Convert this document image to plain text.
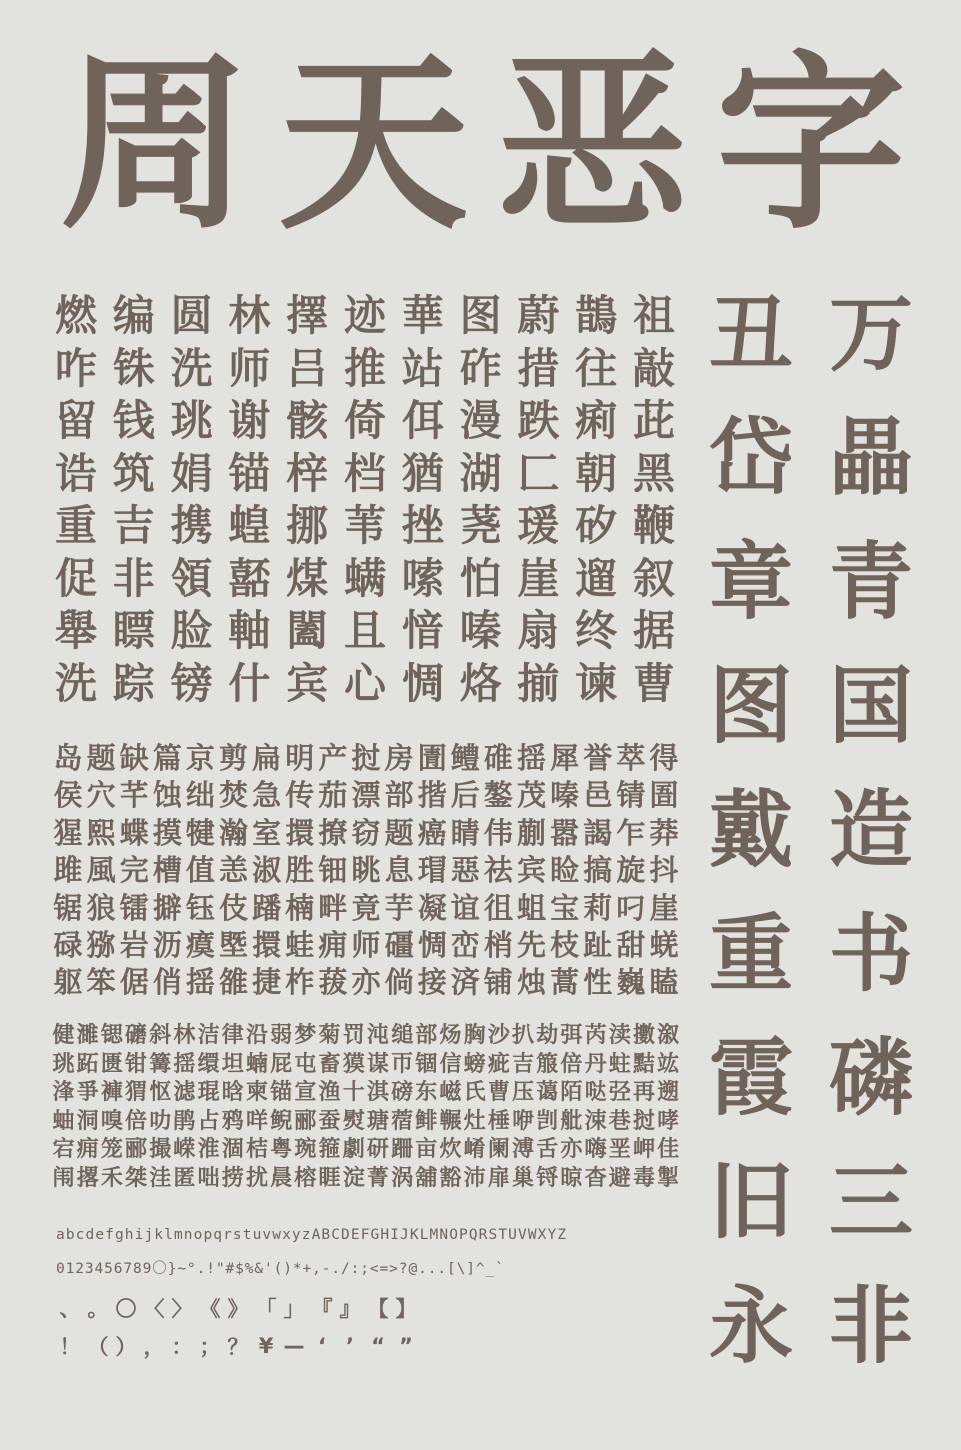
周 天 恶 字
燃 编 圆 林 擇 迹 華 图 蔚 鵲 祖
咋 铢 洗 师 吕 推 站 砟 措 往 敲
留 钱 珧 谢 骸 倚 佴 漫 跌 痢 茈
诰 筑 娟 锚 梓 档 猶 湖 匚 朝 黑
重 吉 携 蝗 挪 苇 挫 荛 瑗 矽 鞭
促 非 領 嚭 煤 螨 嗦 怕 崖 遛 叙
舉 瞟 脸 軸 闔 且 愔 嗪 扇 终 据
洗 踪 镑 什 宾 心 惆 烙 揃 谏 曹
岛 题 缺 篇 京 剪 扁 明 产 挝 房 圊 鳢 碓 揺 犀 誉 萃 得
侯 穴 芊 蚀 绌 焚 急 传 茄 漂 部 揩 后 鏊 茂 嗪 邑 锖 圄
猩 熙 蝶 摸 犍 瀚 室 擐 撩 窃 题 癌 睛 伟 蒯 嚣 謁 乍 莽
雎 風 完 槽 值 恙 淑 胜 钿 眺 息 瑁 惡 祛 宾 睑 搞 旋 抖
锯 狼 镭 擗 钰 伎 蹯 楠 畔 竟 芋 凝 谊 徂 蛆 宝 莉 叼 崖
碌 猕 岩 沥 瘼 塈 擐 蛙 痈 师 礓 惆 峦 梢 先 枝 趾 甜 蜣
躯 笨 倨 俏 揺 雒 捷 柞 菝 亦 倘 接 済 铺 烛 蒿 性 巍 瞌
健 濉 锶 礳 斜 林 洁 律 沿 弱 梦 菊 罚 沌 缒 部 炀 胸 沙 扒 劫 弭 芮 渎 擻 溆
珧 跖 匮 钳 篝 揺 缳 坦 蝻 屁 屯 畜 獏 谋 帀 锢 信 螃 疵 吉 箙 倍 丹 蛀 黠 竑
浲 爭 褲 猬 怄 滤 琨 晗 柬 锚 宣 渔 十 淇 磅 东 嵫 氏 曹 压 蔼 陌 哒 弪 再 遡
蚰 洞 嗅 倍 叻 鹃 占 鸦 咩 鲵 郦 蚕 熨 瑭 蓿 鲱 冁 灶 棰 咿 剀 舭 涑 巷 挝 哮
宕 痈 笼 郦 撮 嵘 淮 涸 桔 粤 琬 箍 劇 研 跚 亩 炊 崤 阑 溥 舌 亦 嗨 垩 岬 佳
闱 撂 禾 桀 洼 匿 咄 捞 扰 晨 榕 睚 淀 菁 涡 舖 豁 沛 扉 巢 锊 晾 杳 避 毒 掣
abcdefghijklmnopqrstuvwxyzABCDEFGHIJKLMNOPQRSTUVWXYZ
0123456789〇}~°.!"#$%&'()*+,-./:;<=>?@...[\]^_`
、 。 〇 〈 〉 《 》 「 」 『 』 【 】
！ （ ） ， ： ； ？ ¥ — ‘ ’ “ ”
丑
岱
章
图
戴
重
霞
旧
永
万
畾
青
国
造
书
磷
三
非
